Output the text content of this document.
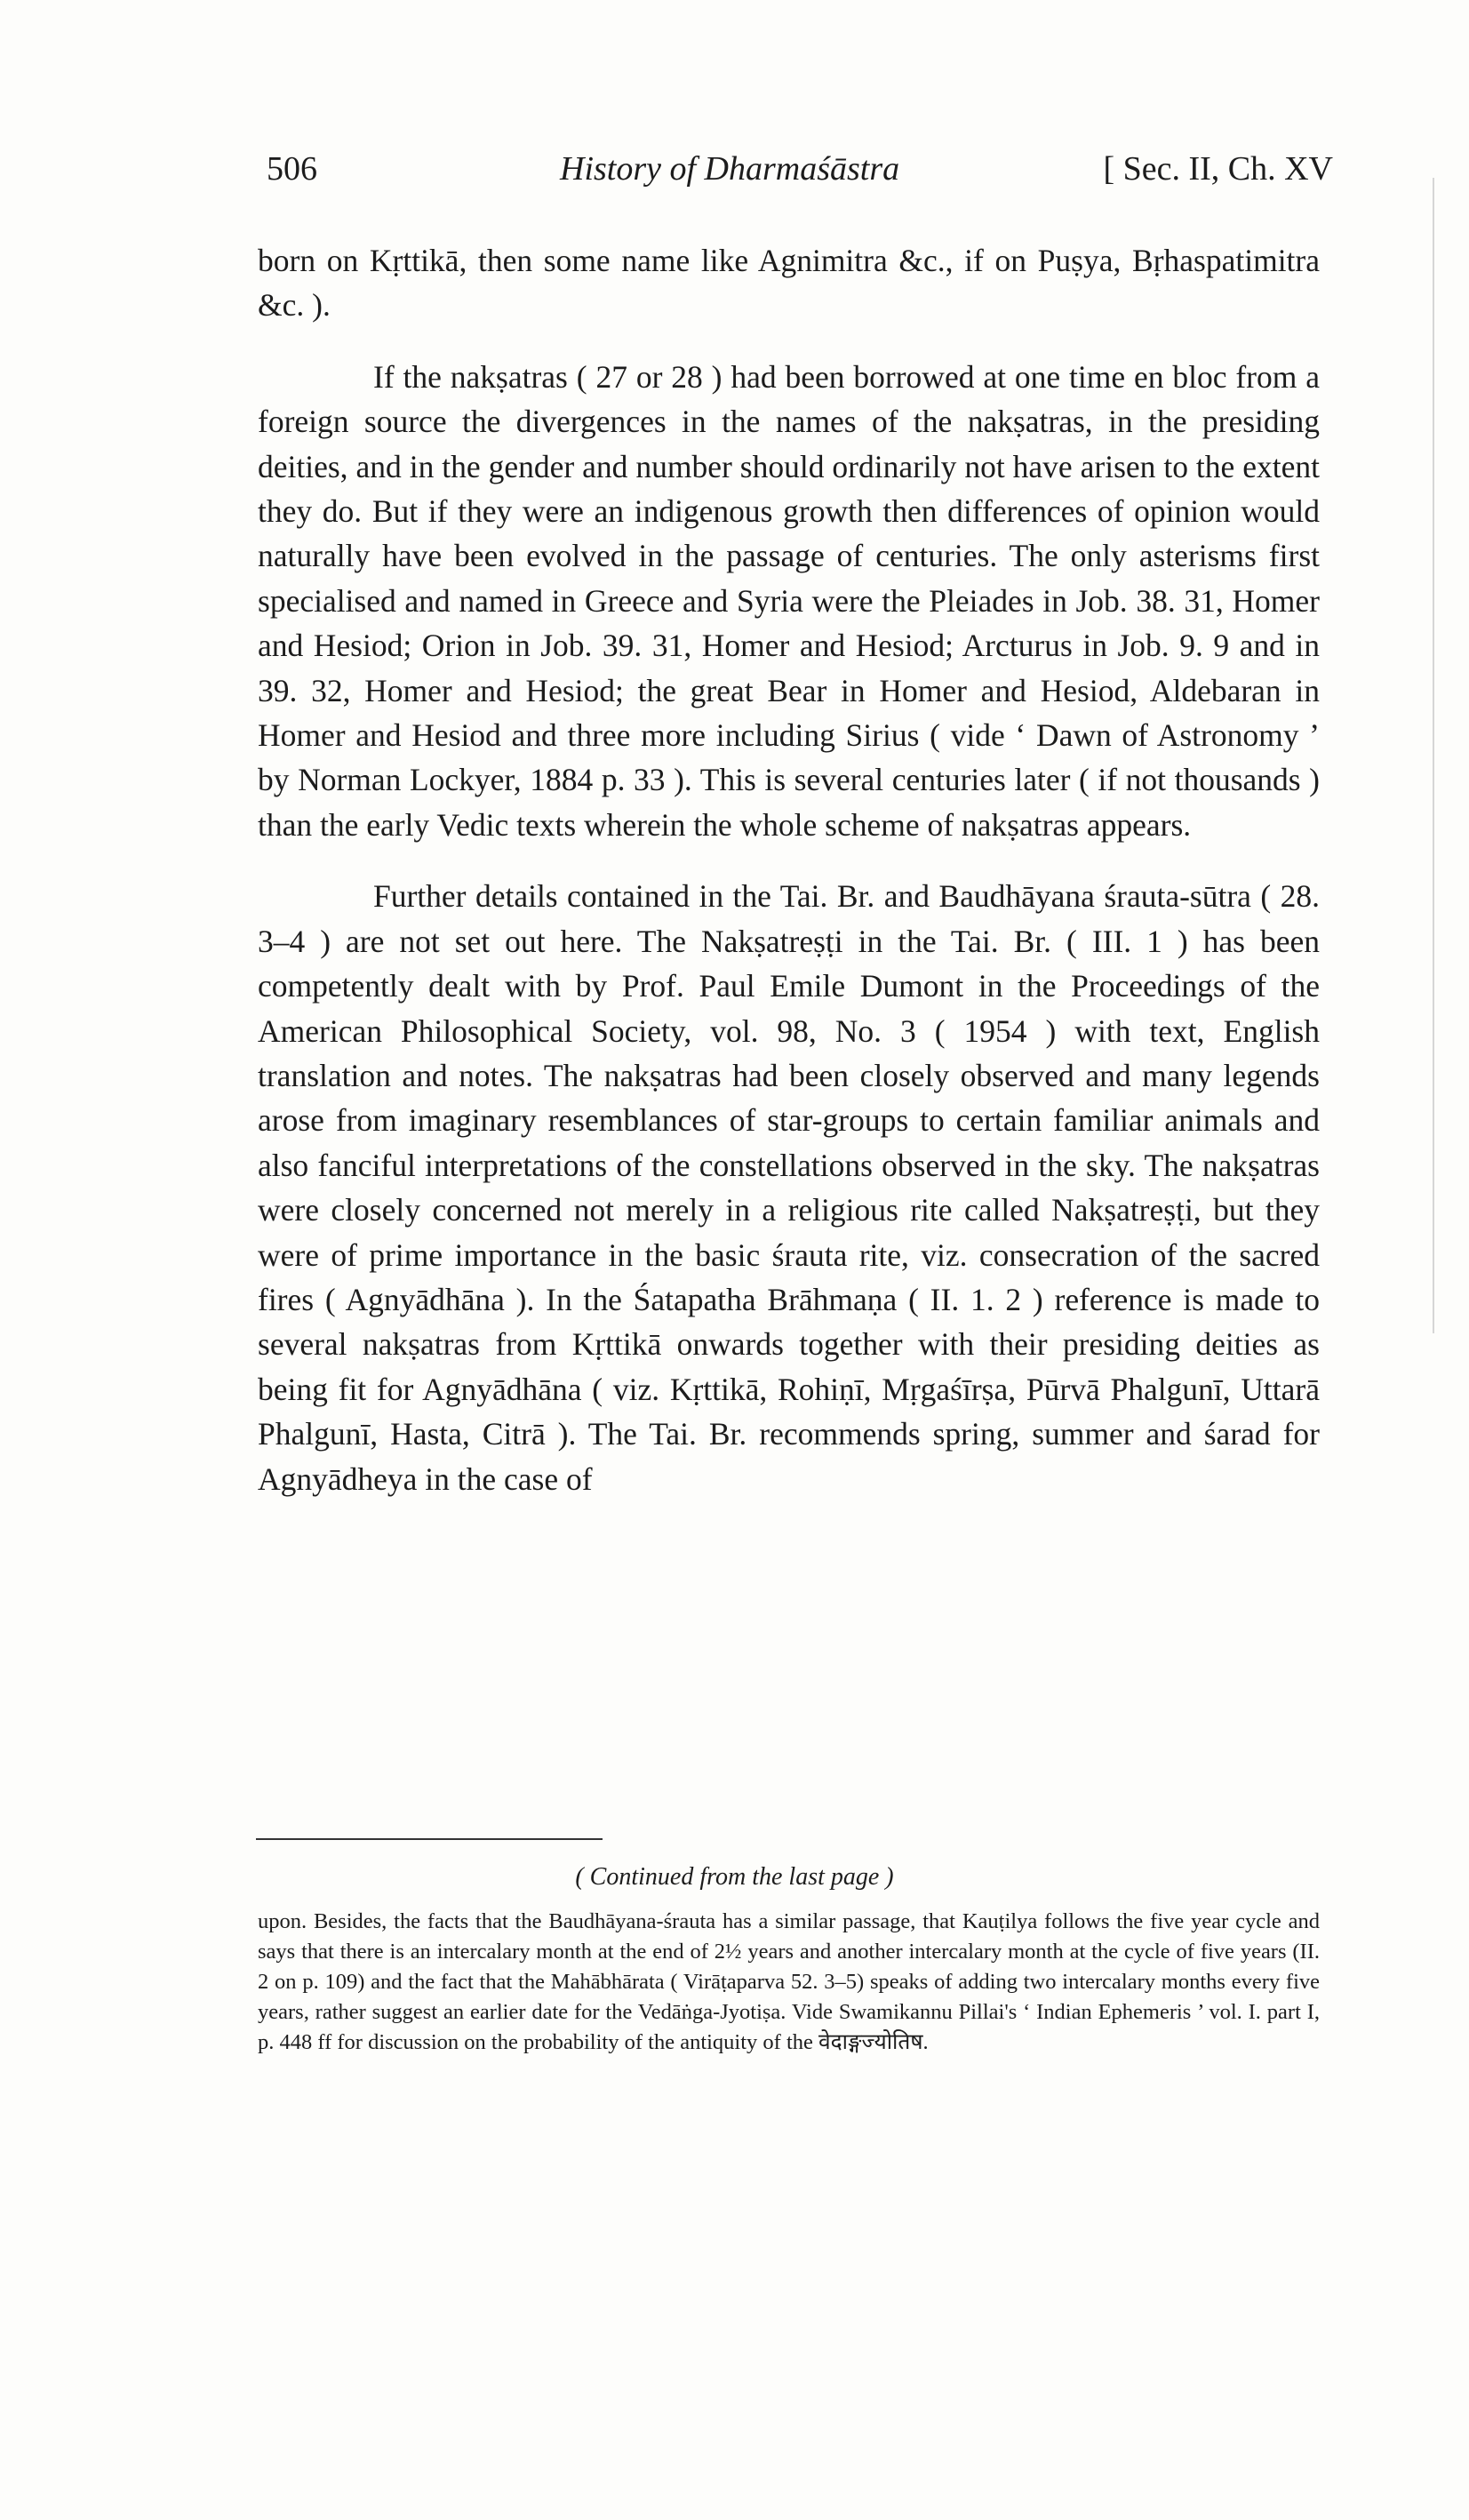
506	History of Dharmaśāstra	[ Sec. II, Ch. XV

born on Kṛttikā, then some name like Agnimitra &c., if on Puṣya, Bṛhaspatimitra &c. ).

If the nakṣatras ( 27 or 28 ) had been borrowed at one time en bloc from a foreign source the divergences in the names of the nakṣatras, in the presiding deities, and in the gender and number should ordinarily not have arisen to the extent they do. But if they were an indigenous growth then differences of opinion would naturally have been evolved in the passage of centuries. The only asterisms first specialised and named in Greece and Syria were the Pleiades in Job. 38. 31, Homer and Hesiod; Orion in Job. 39. 31, Homer and Hesiod; Arcturus in Job. 9. 9 and in 39. 32, Homer and Hesiod; the great Bear in Homer and Hesiod, Aldebaran in Homer and Hesiod and three more including Sirius ( vide ‘ Dawn of Astronomy ’ by Norman Lockyer, 1884 p. 33 ). This is several centuries later ( if not thousands ) than the early Vedic texts wherein the whole scheme of nakṣatras appears.

Further details contained in the Tai. Br. and Baudhāyana śrauta-sūtra ( 28. 3–4 ) are not set out here. The Nakṣatreṣṭi in the Tai. Br. ( III. 1 ) has been competently dealt with by Prof. Paul Emile Dumont in the Proceedings of the American Philosophical Society, vol. 98, No. 3 ( 1954 ) with text, English translation and notes. The nakṣatras had been closely observed and many legends arose from imaginary resemblances of star-groups to certain familiar animals and also fanciful interpretations of the constellations observed in the sky. The nakṣatras were closely concerned not merely in a religious rite called Nakṣatreṣṭi, but they were of prime importance in the basic śrauta rite, viz. consecration of the sacred fires ( Agnyādhāna ). In the Śatapatha Brāhmaṇa ( II. 1. 2 ) reference is made to several nakṣatras from Kṛttikā onwards together with their presiding deities as being fit for Agnyādhāna ( viz. Kṛttikā, Rohiṇī, Mṛgaśīrṣa, Pūrvā Phalgunī, Uttarā Phalgunī, Hasta, Citrā ). The Tai. Br. recommends spring, summer and śarad for Agnyādheya in the case of

( Continued from the last page )

upon. Besides, the facts that the Baudhāyana-śrauta has a similar passage, that Kauṭilya follows the five year cycle and says that there is an intercalary month at the end of 2½ years and another intercalary month at the cycle of five years (II. 2 on p. 109) and the fact that the Mahābhārata ( Virāṭaparva 52. 3–5) speaks of adding two intercalary months every five years, rather suggest an earlier date for the Vedāṅga-Jyotiṣa. Vide Swamikannu Pillai's ‘ Indian Ephemeris ’ vol. I. part I, p. 448 ff for discussion on the probability of the antiquity of the वेदाङ्गज्योतिष.
